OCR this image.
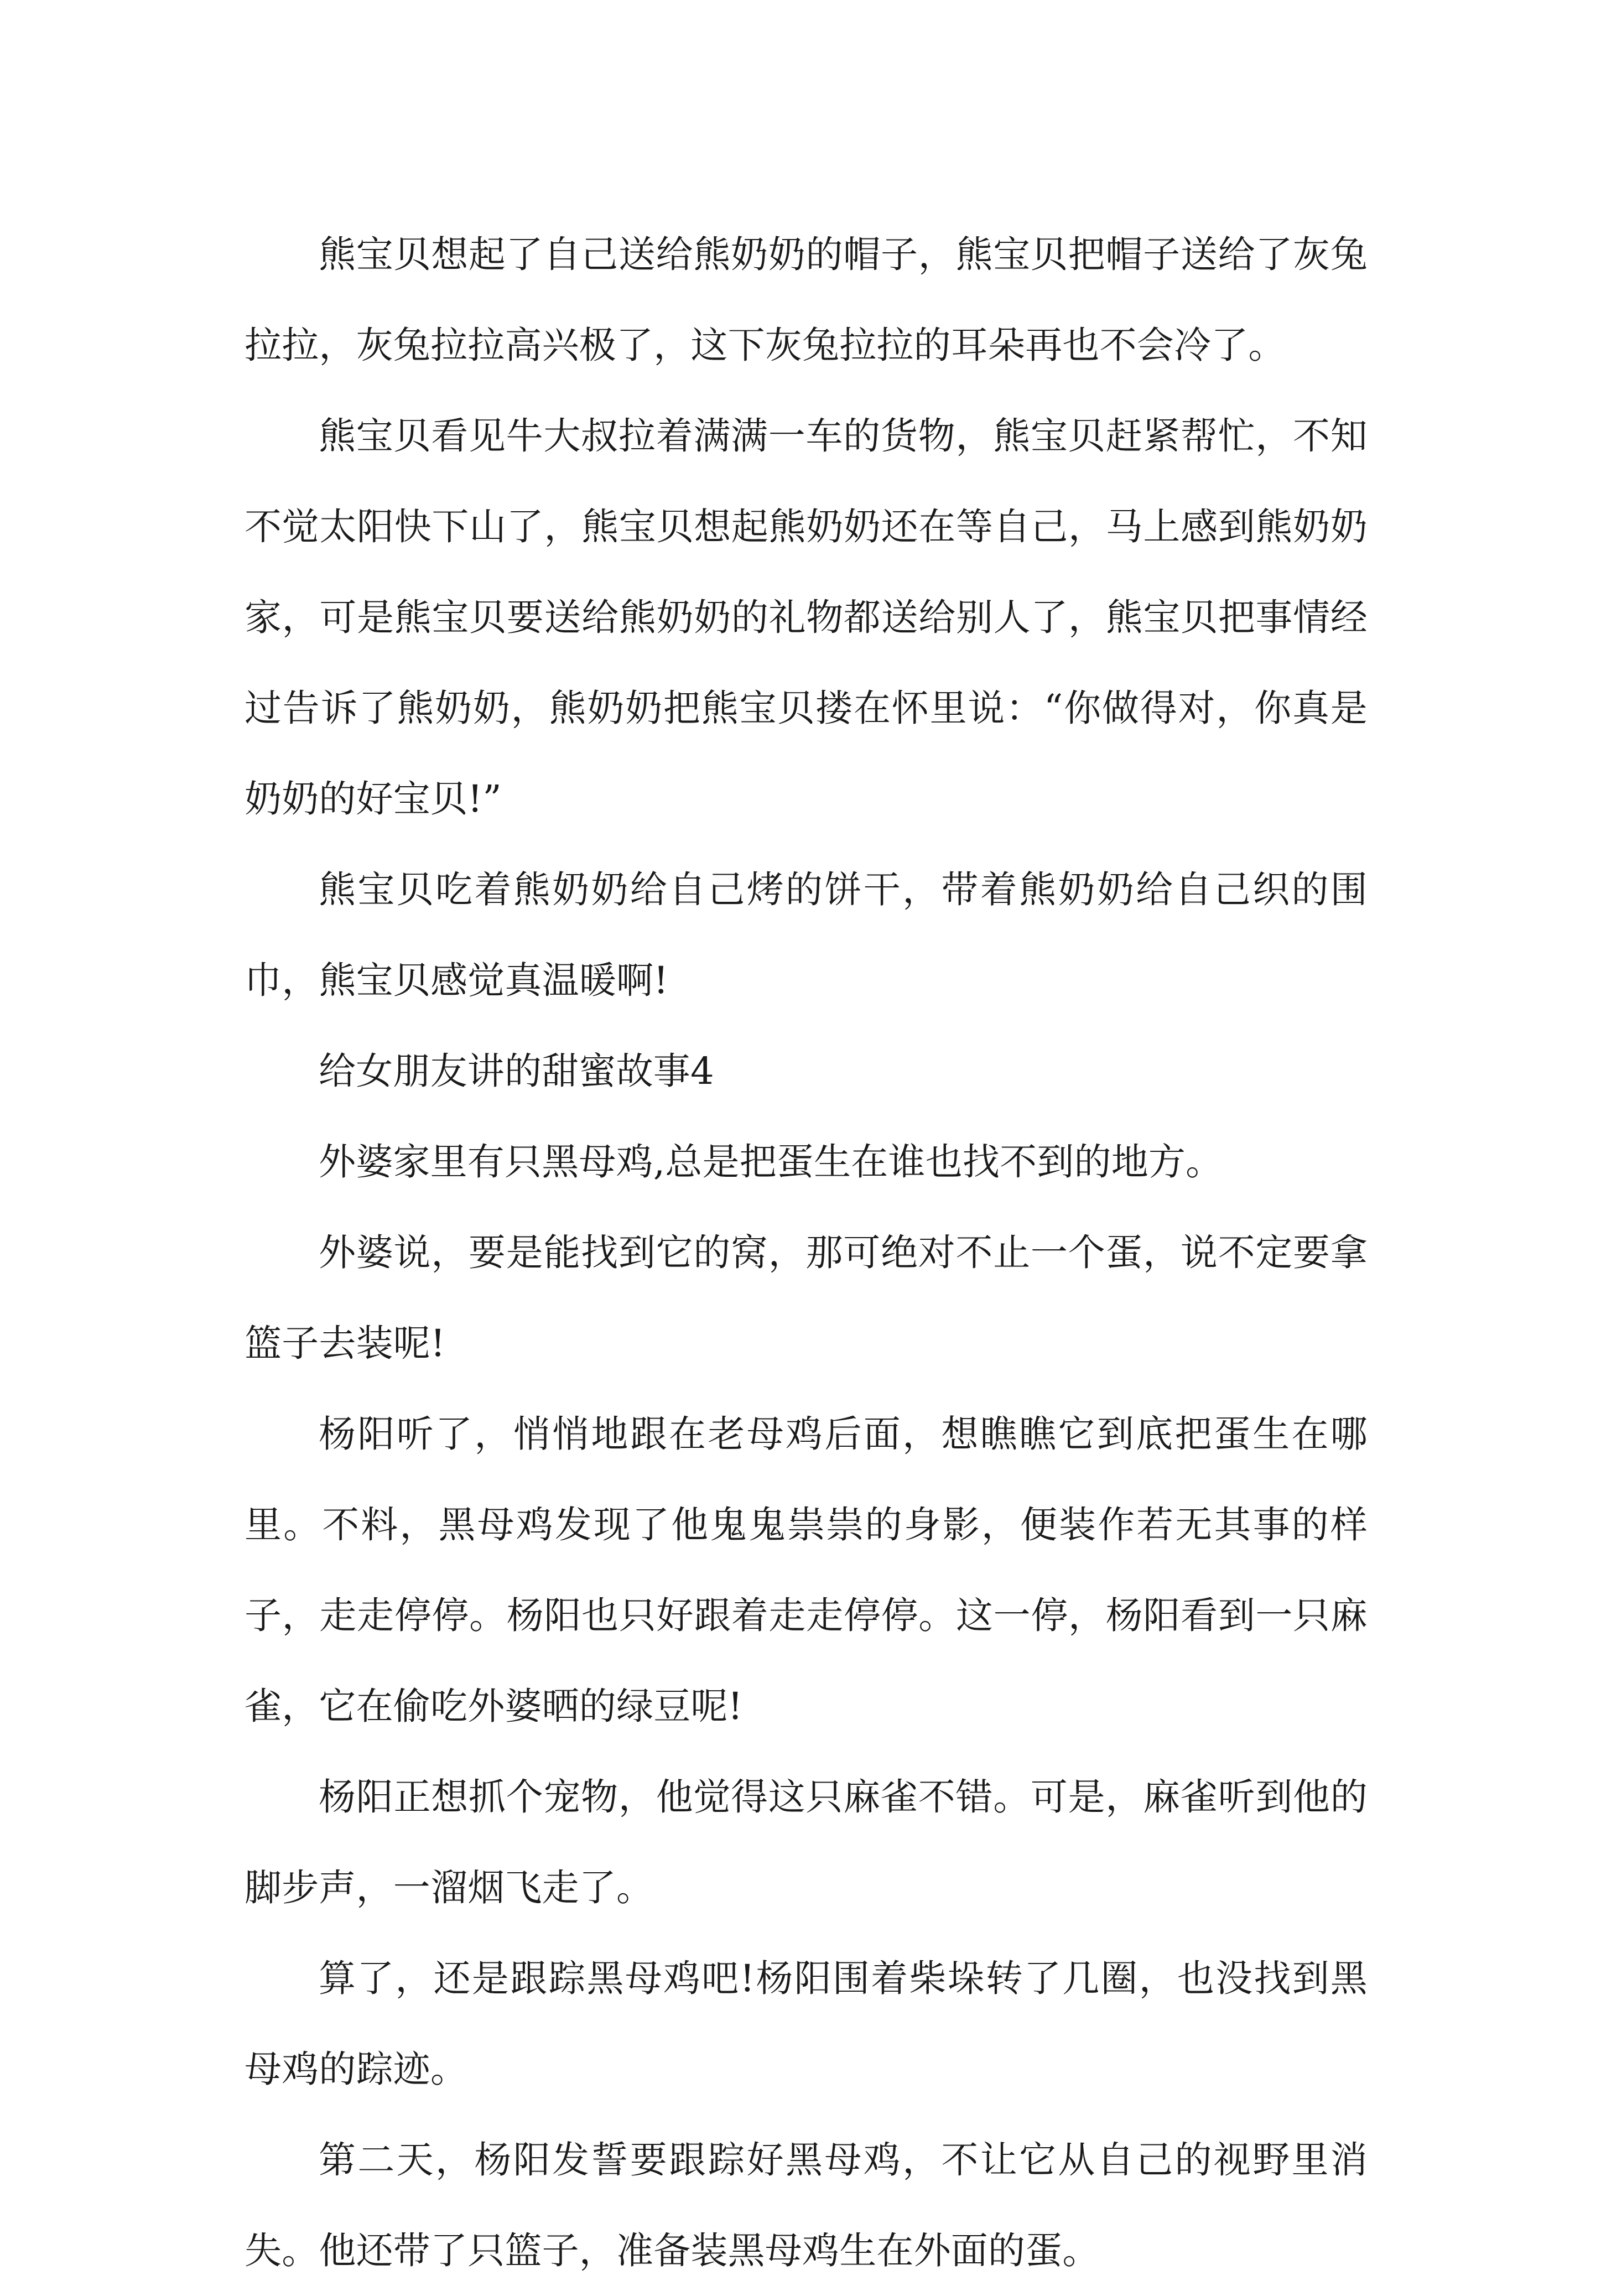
熊宝贝想起了自己送给熊奶奶的帽子，熊宝贝把帽子送给了灰兔拉拉，灰兔拉拉高兴极了，这下灰兔拉拉的耳朵再也不会冷了。

熊宝贝看见牛大叔拉着满满一车的货物，熊宝贝赶紧帮忙，不知不觉太阳快下山了，熊宝贝想起熊奶奶还在等自己，马上感到熊奶奶家，可是熊宝贝要送给熊奶奶的礼物都送给别人了，熊宝贝把事情经过告诉了熊奶奶，熊奶奶把熊宝贝搂在怀里说：“你做得对，你真是奶奶的好宝贝!”

熊宝贝吃着熊奶奶给自己烤的饼干，带着熊奶奶给自己织的围巾，熊宝贝感觉真温暖啊!

给女朋友讲的甜蜜故事4

外婆家里有只黑母鸡,总是把蛋生在谁也找不到的地方。

外婆说，要是能找到它的窝，那可绝对不止一个蛋，说不定要拿篮子去装呢!

杨阳听了，悄悄地跟在老母鸡后面，想瞧瞧它到底把蛋生在哪里。不料，黑母鸡发现了他鬼鬼祟祟的身影，便装作若无其事的样子，走走停停。杨阳也只好跟着走走停停。这一停，杨阳看到一只麻雀，它在偷吃外婆晒的绿豆呢!

杨阳正想抓个宠物，他觉得这只麻雀不错。可是，麻雀听到他的脚步声，一溜烟飞走了。

算了，还是跟踪黑母鸡吧!杨阳围着柴垛转了几圈，也没找到黑母鸡的踪迹。

第二天，杨阳发誓要跟踪好黑母鸡，不让它从自己的视野里消失。他还带了只篮子，准备装黑母鸡生在外面的蛋。
